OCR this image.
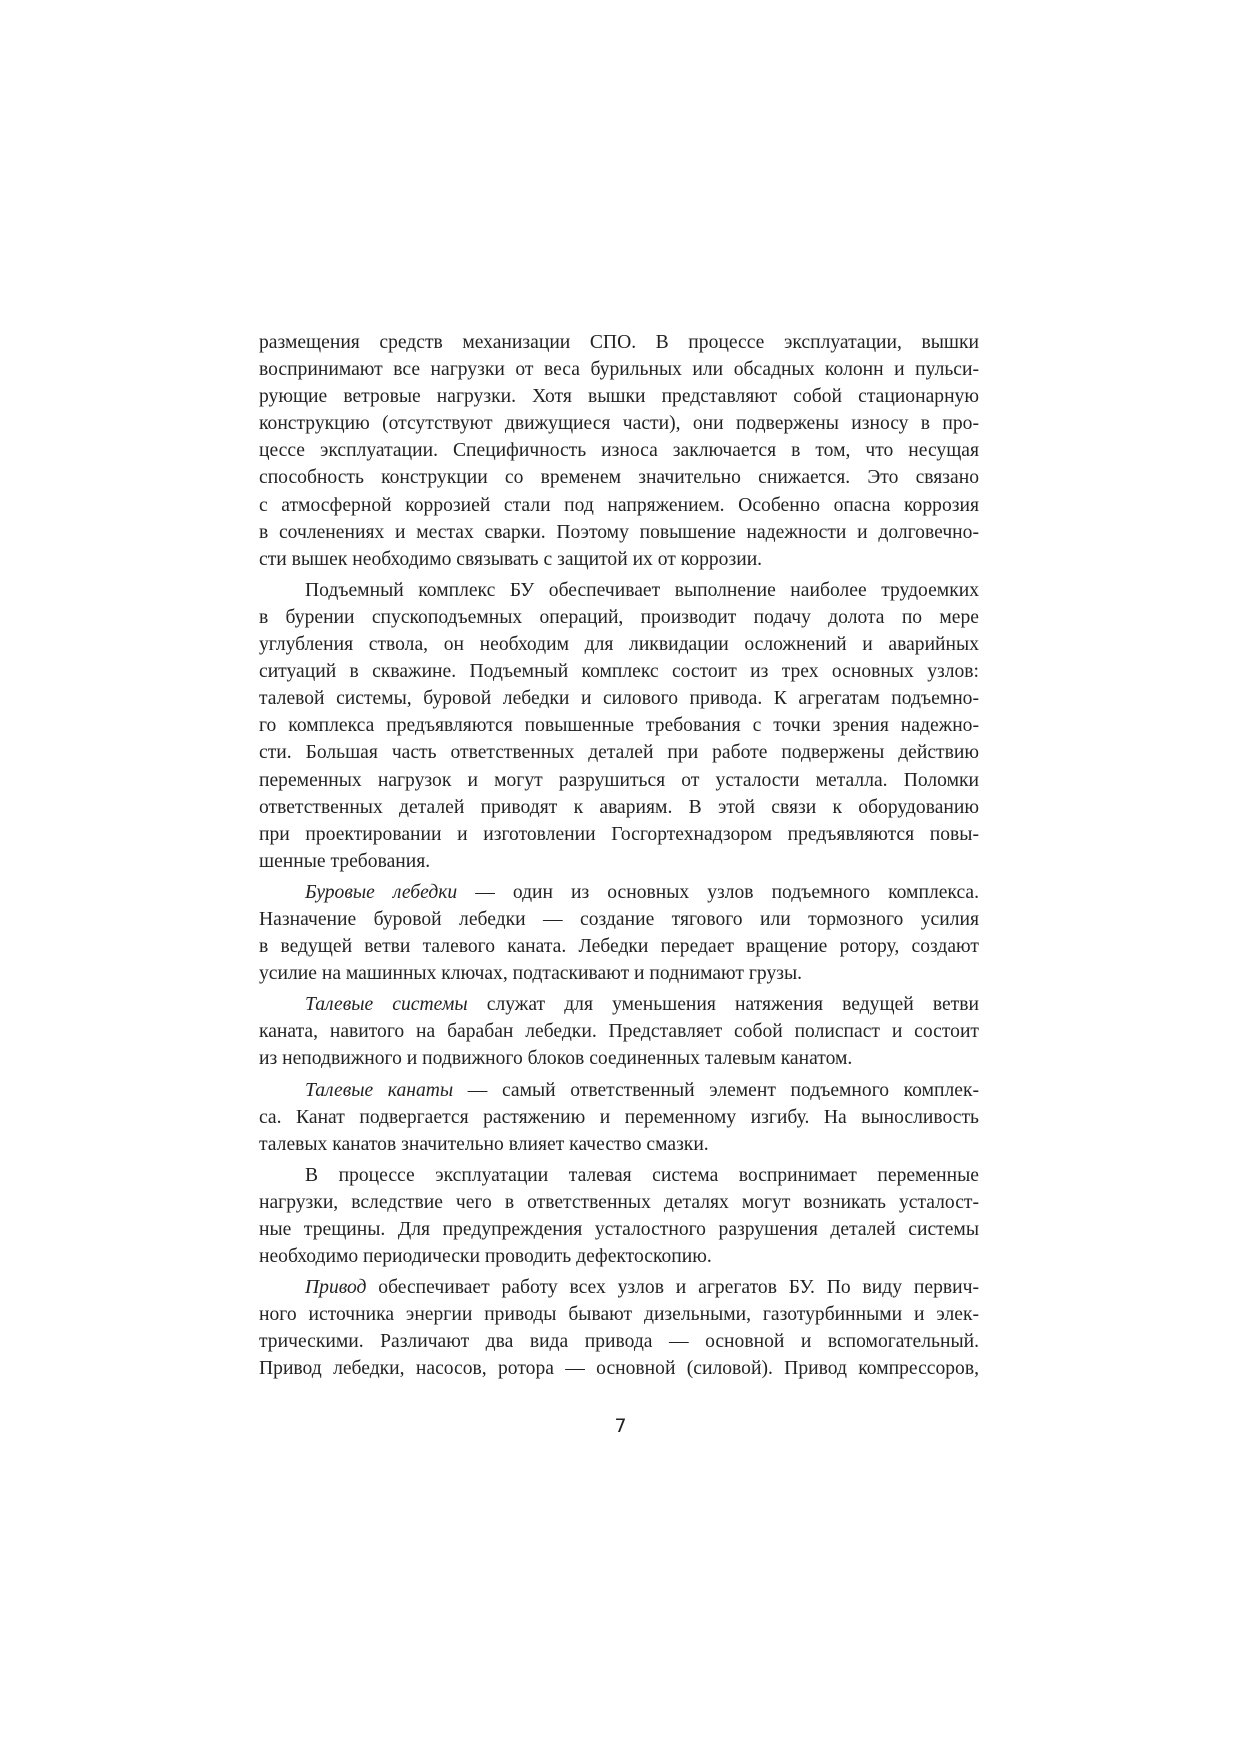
размещения средств механизации СПО. В процессе эксплуатации, вышки
воспринимают все нагрузки от веса бурильных или обсадных колонн и пульси-
рующие ветровые нагрузки. Хотя вышки представляют собой стационарную
конструкцию (отсутствуют движущиеся части), они подвержены износу в про-
цессе эксплуатации. Специфичность износа заключается в том, что несущая
способность конструкции со временем значительно снижается. Это связано
с атмосферной коррозией стали под напряжением. Особенно опасна коррозия
в сочленениях и местах сварки. Поэтому повышение надежности и долговечно-
сти вышек необходимо связывать с защитой их от коррозии.
Подъемный комплекс БУ обеспечивает выполнение наиболее трудоемких
в бурении спускоподъемных операций, производит подачу долота по мере
углубления ствола, он необходим для ликвидации осложнений и аварийных
ситуаций в скважине. Подъемный комплекс состоит из трех основных узлов:
талевой системы, буровой лебедки и силового привода. К агрегатам подъемно-
го комплекса предъявляются повышенные требования с точки зрения надежно-
сти. Большая часть ответственных деталей при работе подвержены действию
переменных нагрузок и могут разрушиться от усталости металла. Поломки
ответственных деталей приводят к авариям. В этой связи к оборудованию
при проектировании и изготовлении Госгортехнадзором предъявляются повы-
шенные требования.
Буровые лебедки — один из основных узлов подъемного комплекса.
Назначение буровой лебедки — создание тягового или тормозного усилия
в ведущей ветви талевого каната. Лебедки передает вращение ротору, создают
усилие на машинных ключах, подтаскивают и поднимают грузы.
Талевые системы служат для уменьшения натяжения ведущей ветви
каната, навитого на барабан лебедки. Представляет собой полиспаст и состоит
из неподвижного и подвижного блоков соединенных талевым канатом.
Талевые канаты — самый ответственный элемент подъемного комплек-
са. Канат подвергается растяжению и переменному изгибу. На выносливость
талевых канатов значительно влияет качество смазки.
В процессе эксплуатации талевая система воспринимает переменные
нагрузки, вследствие чего в ответственных деталях могут возникать усталост-
ные трещины. Для предупреждения усталостного разрушения деталей системы
необходимо периодически проводить дефектоскопию.
Привод обеспечивает работу всех узлов и агрегатов БУ. По виду первич-
ного источника энергии приводы бывают дизельными, газотурбинными и элек-
трическими. Различают два вида привода — основной и вспомогательный.
Привод лебедки, насосов, ротора — основной (силовой). Привод компрессоров,
7
